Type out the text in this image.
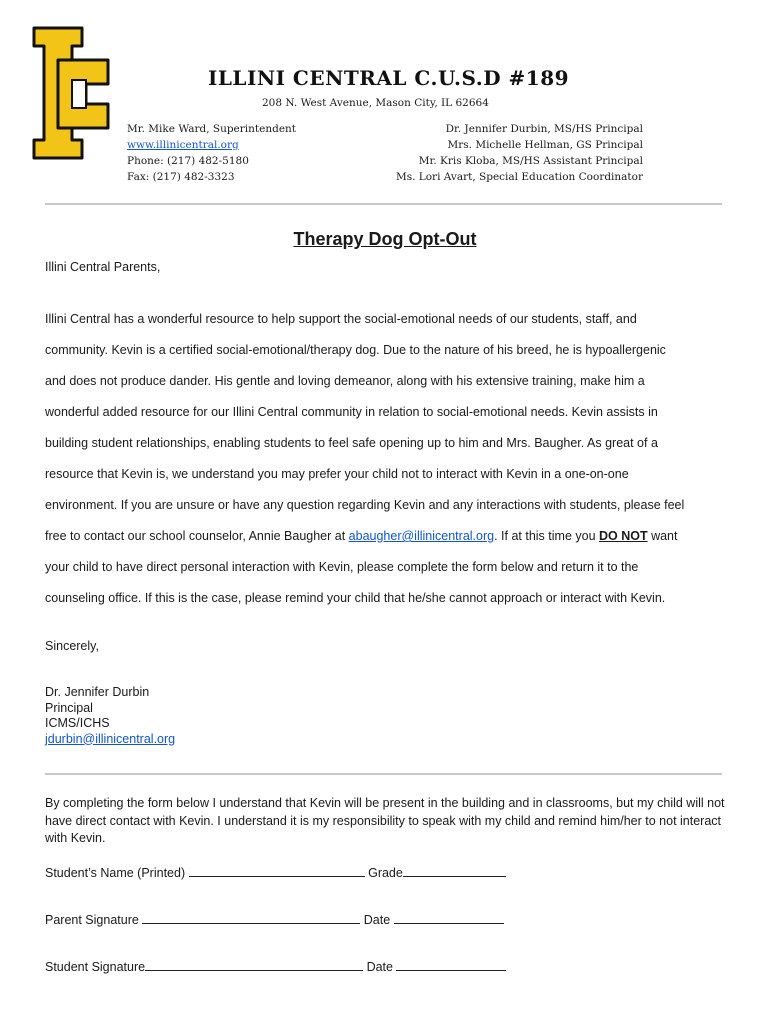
ILLINI CENTRAL C.U.S.D #189
208 N. West Avenue, Mason City, IL 62664
Mr. Mike Ward, Superintendent
www.illinicentral.org
Phone: (217) 482-5180
Fax: (217) 482-3323
Dr. Jennifer Durbin, MS/HS Principal
Mrs. Michelle Hellman, GS Principal
Mr. Kris Kloba, MS/HS Assistant Principal
Ms. Lori Avart, Special Education Coordinator
Therapy Dog Opt-Out
Illini Central Parents,
Illini Central has a wonderful resource to help support the social-emotional needs of our students, staff, and
community. Kevin is a certified social-emotional/therapy dog. Due to the nature of his breed, he is hypoallergenic
and does not produce dander. His gentle and loving demeanor, along with his extensive training, make him a
wonderful added resource for our Illini Central community in relation to social-emotional needs. Kevin assists in
building student relationships, enabling students to feel safe opening up to him and Mrs. Baugher. As great of a
resource that Kevin is, we understand you may prefer your child not to interact with Kevin in a one-on-one
environment. If you are unsure or have any question regarding Kevin and any interactions with students, please feel
free to contact our school counselor, Annie Baugher at abaugher@illinicentral.org. If at this time you DO NOT want
your child to have direct personal interaction with Kevin, please complete the form below and return it to the
counseling office. If this is the case, please remind your child that he/she cannot approach or interact with Kevin.
Sincerely,
Dr. Jennifer Durbin
Principal
ICMS/ICHS
jdurbin@illinicentral.org
By completing the form below I understand that Kevin will be present in the building and in classrooms, but my child will not have direct contact with Kevin. I understand it is my responsibility to speak with my child and remind him/her to not interact with Kevin.
Student’s Name (Printed)	Grade
Parent Signature	Date
Student Signature	Date
